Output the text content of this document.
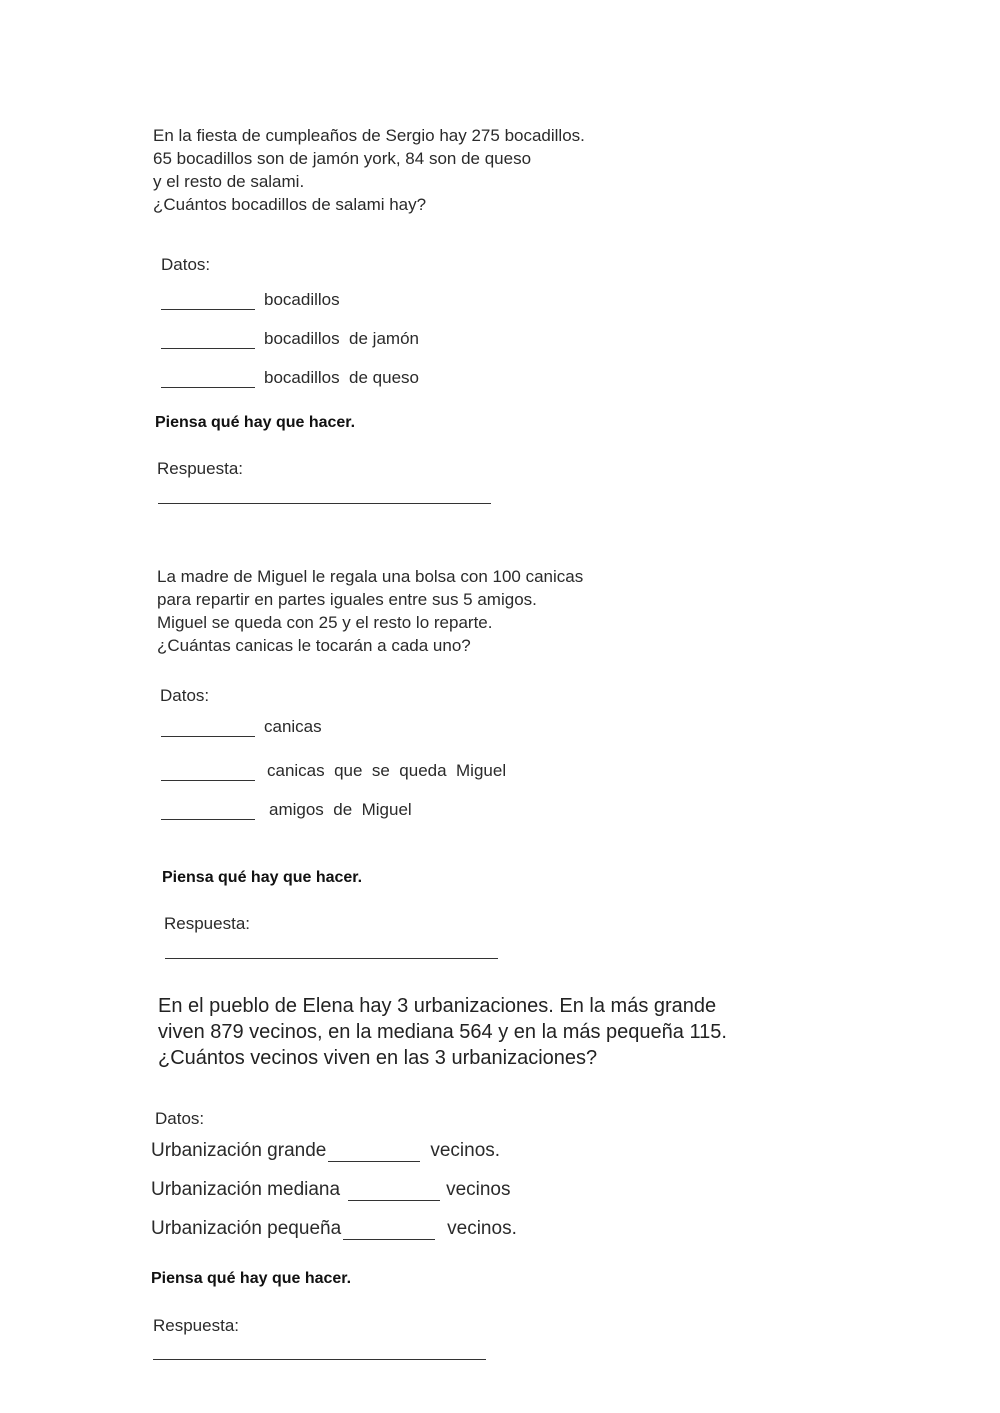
En la fiesta de cumpleaños de Sergio hay 275 bocadillos.
65 bocadillos son de jamón york, 84 son de queso
y el resto de salami.
¿Cuántos bocadillos de salami hay?
Datos:
bocadillos
bocadillos  de jamón
bocadillos  de queso
Piensa qué hay que hacer.
Respuesta:
La madre de Miguel le regala una bolsa con 100 canicas
para repartir en partes iguales entre sus 5 amigos.
Miguel se queda con 25 y el resto lo reparte.
¿Cuántas canicas le tocarán a cada uno?
Datos:
canicas
canicas  que  se  queda  Miguel
amigos  de  Miguel
Piensa qué hay que hacer.
Respuesta:
En el pueblo de Elena hay 3 urbanizaciones. En la más grande
viven 879 vecinos, en la mediana 564 y en la más pequeña 115.
¿Cuántos vecinos viven en las 3 urbanizaciones?
Datos:
Urbanización grande	vecinos.
Urbanización mediana	vecinos
Urbanización pequeña	vecinos.
Piensa qué hay que hacer.
Respuesta:
